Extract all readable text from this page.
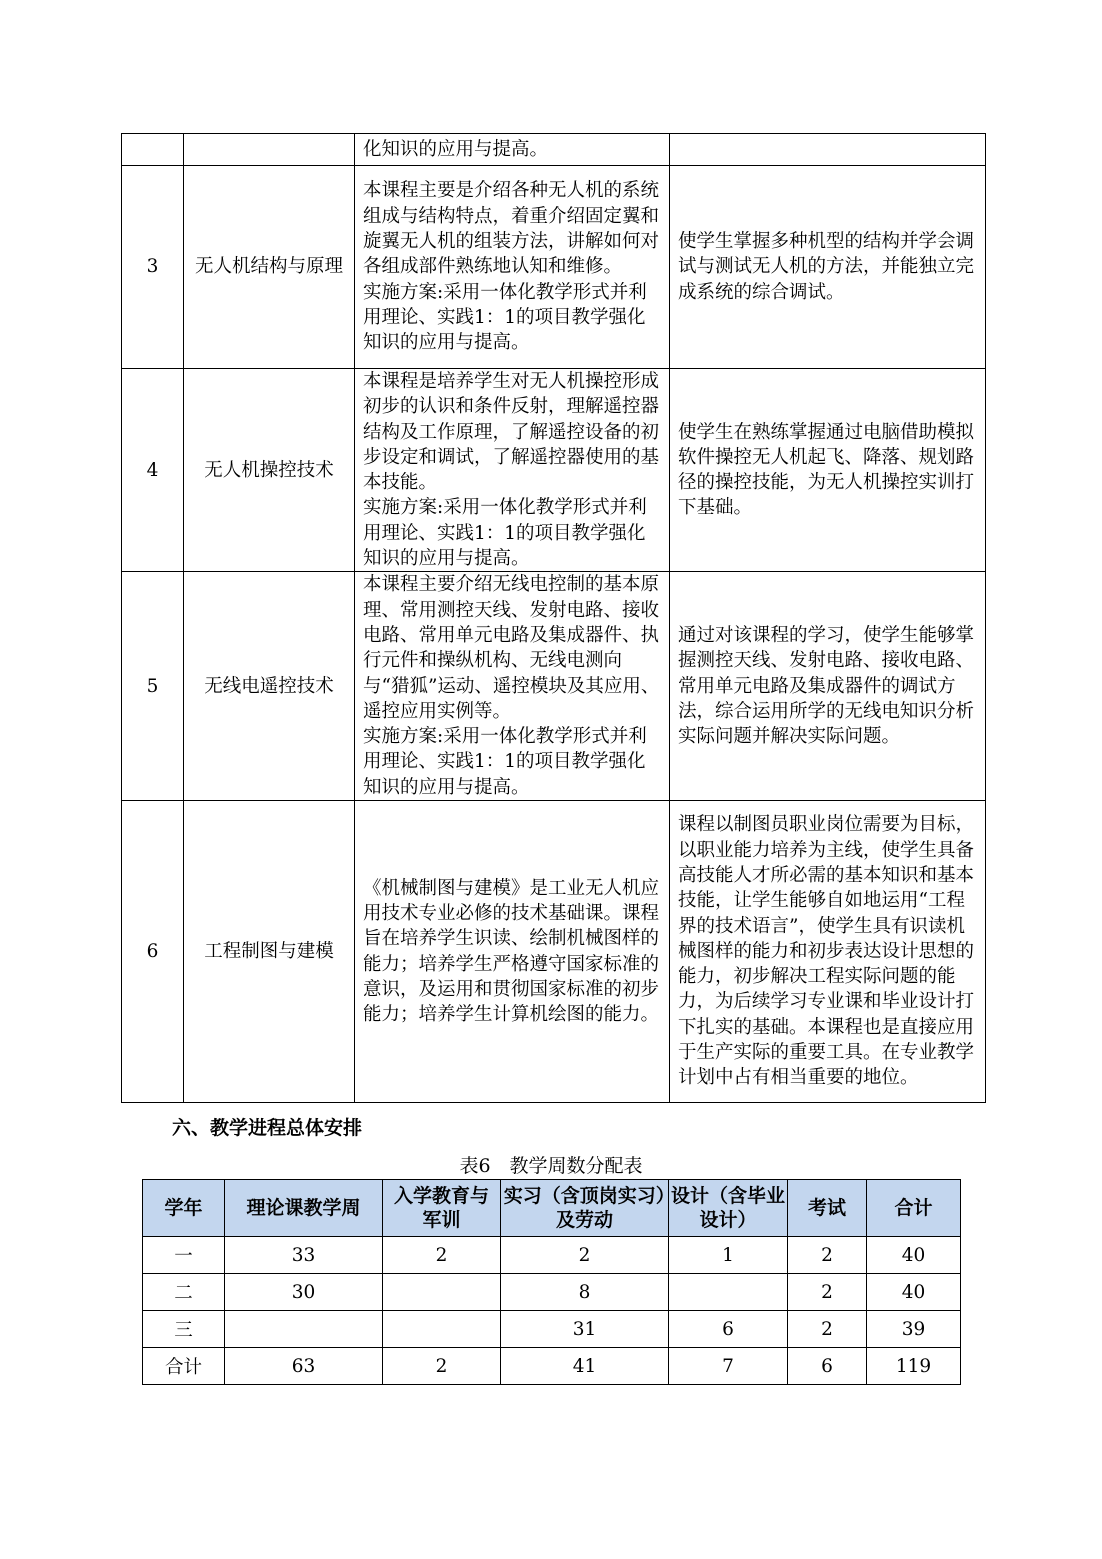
		化知识的应用与提高。	

3	无人机结构与原理	本课程主要是介绍各种无人机的系统组成与结构特点，着重介绍固定翼和旋翼无人机的组装方法，讲解如何对各组成部件熟练地认知和维修。
实施方案:采用一体化教学形式并利用理论、实践1：1的项目教学强化知识的应用与提高。	使学生掌握多种机型的结构并学会调试与测试无人机的方法，并能独立完成系统的综合调试。
4	无人机操控技术	本课程是培养学生对无人机操控形成初步的认识和条件反射，理解遥控器结构及工作原理，了解遥控设备的初步设定和调试，了解遥控器使用的基本技能。
实施方案:采用一体化教学形式并利用理论、实践1：1的项目教学强化知识的应用与提高。	使学生在熟练掌握通过电脑借助模拟软件操控无人机起飞、降落、规划路径的操控技能，为无人机操控实训打下基础。
5	无线电遥控技术	本课程主要介绍无线电控制的基本原理、常用测控天线、发射电路、接收电路、常用单元电路及集成器件、执行元件和操纵机构、无线电测向与“猎狐”运动、遥控模块及其应用、遥控应用实例等。
实施方案:采用一体化教学形式并利用理论、实践1：1的项目教学强化知识的应用与提高。	通过对该课程的学习，使学生能够掌握测控天线、发射电路、接收电路、常用单元电路及集成器件的调试方法，综合运用所学的无线电知识分析实际问题并解决实际问题。
6	工程制图与建模	《机械制图与建模》是工业无人机应用技术专业必修的技术基础课。课程旨在培养学生识读、绘制机械图样的能力；培养学生严格遵守国家标准的意识，及运用和贯彻国家标准的初步能力；培养学生计算机绘图的能力。	课程以制图员职业岗位需要为目标，以职业能力培养为主线，使学生具备高技能人才所必需的基本知识和基本技能，让学生能够自如地运用“工程界的技术语言”，使学生具有识读机械图样的能力和初步表达设计思想的能力，初步解决工程实际问题的能力，为后续学习专业课和毕业设计打下扎实的基础。本课程也是直接应用于生产实际的重要工具。在专业教学计划中占有相当重要的地位。
六、教学进程总体安排
表6　教学周数分配表
学年	理论课教学周	入学教育与军训	实习（含顶岗实习）及劳动	设计（含毕业设计）	考试	合计
一	33	2	2	1	2	40
二	30		8		2	40
三			31	6	2	39
合计	63	2	41	7	6	119
